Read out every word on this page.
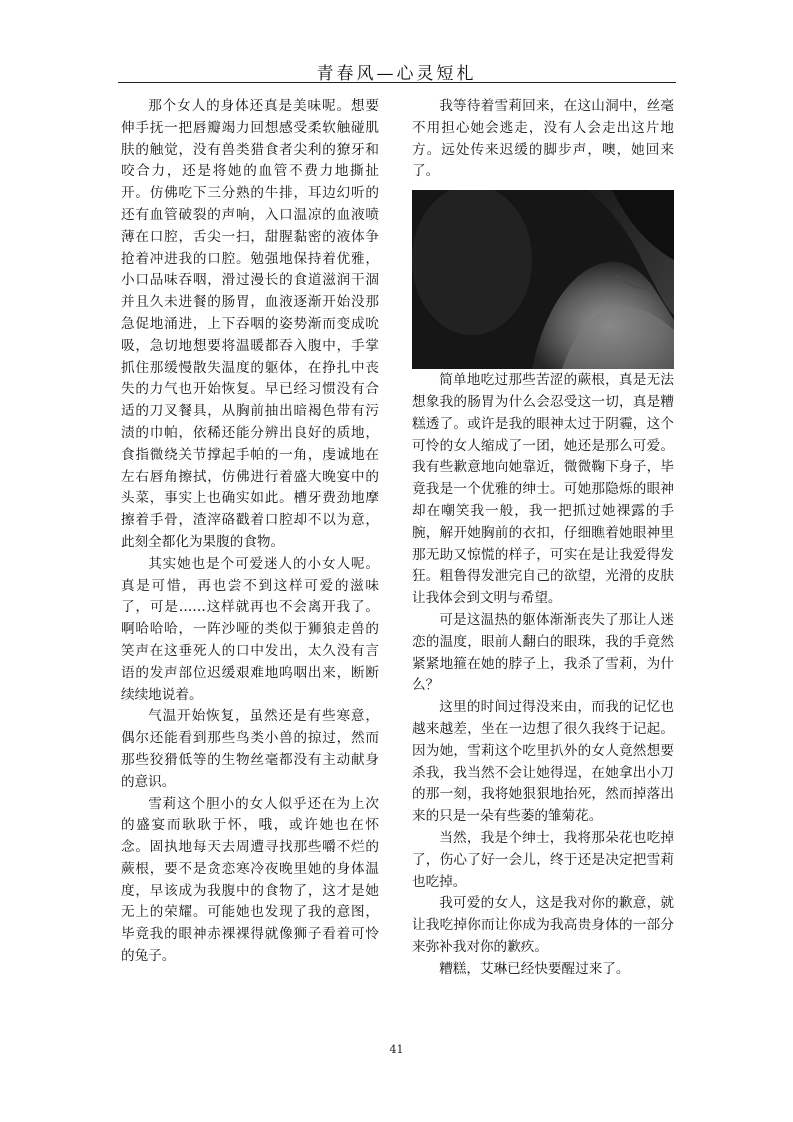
青春风—心灵短札

那个女人的身体还真是美味呢。想要伸手抚一把唇瓣竭力回想感受柔软触碰肌肤的触觉，没有兽类猎食者尖利的獠牙和咬合力，还是将她的血管不费力地撕扯开。仿佛吃下三分熟的牛排，耳边幻听的还有血管破裂的声响，入口温凉的血液喷薄在口腔，舌尖一扫，甜腥黏密的液体争抢着冲进我的口腔。勉强地保持着优雅，小口品味吞咽，滑过漫长的食道滋润干涸并且久未进餐的肠胃，血液逐渐开始没那急促地涌进，上下吞咽的姿势渐而变成吮吸，急切地想要将温暖都吞入腹中，手掌抓住那缓慢散失温度的躯体，在挣扎中丧失的力气也开始恢复。早已经习惯没有合适的刀叉餐具，从胸前抽出暗褐色带有污渍的巾帕，依稀还能分辨出良好的质地，食指微绕关节撑起手帕的一角，虔诚地在左右唇角擦拭，仿佛进行着盛大晚宴中的头菜，事实上也确实如此。槽牙费劲地摩擦着手骨，渣滓硌戳着口腔却不以为意，此刻全都化为果腹的食物。

其实她也是个可爱迷人的小女人呢。真是可惜，再也尝不到这样可爱的滋味了，可是……这样就再也不会离开我了。啊哈哈哈，一阵沙哑的类似于狮狼走兽的笑声在这垂死人的口中发出，太久没有言语的发声部位迟缓艰难地呜咽出来，断断续续地说着。

气温开始恢复，虽然还是有些寒意，偶尔还能看到那些鸟类小兽的掠过，然而那些狡猾低等的生物丝毫都没有主动献身的意识。

雪莉这个胆小的女人似乎还在为上次的盛宴而耿耿于怀，哦，或许她也在怀念。固执地每天去周遭寻找那些嚼不烂的蕨根，要不是贪恋寒冷夜晚里她的身体温度，早该成为我腹中的食物了，这才是她无上的荣耀。可能她也发现了我的意图，毕竟我的眼神赤裸裸得就像狮子看着可怜的兔子。

我等待着雪莉回来，在这山洞中，丝毫不用担心她会逃走，没有人会走出这片地方。远处传来迟缓的脚步声，噢，她回来了。

简单地吃过那些苦涩的蕨根，真是无法想象我的肠胃为什么会忍受这一切，真是糟糕透了。或许是我的眼神太过于阴霾，这个可怜的女人缩成了一团，她还是那么可爱。我有些歉意地向她靠近，微微鞠下身子，毕竟我是一个优雅的绅士。可她那隐烁的眼神却在嘲笑我一般，我一把抓过她裸露的手腕，解开她胸前的衣扣，仔细瞧着她眼神里那无助又惊慌的样子，可实在是让我爱得发狂。粗鲁得发泄完自己的欲望，光滑的皮肤让我体会到文明与希望。

可是这温热的躯体渐渐丧失了那让人迷恋的温度，眼前人翻白的眼珠，我的手竟然紧紧地箍在她的脖子上，我杀了雪莉，为什么？

这里的时间过得没来由，而我的记忆也越来越差，坐在一边想了很久我终于记起。因为她，雪莉这个吃里扒外的女人竟然想要杀我，我当然不会让她得逞，在她拿出小刀的那一刻，我将她狠狠地抬死，然而掉落出来的只是一朵有些萎的雏菊花。

当然，我是个绅士，我将那朵花也吃掉了，伤心了好一会儿，终于还是决定把雪莉也吃掉。

我可爱的女人，这是我对你的歉意，就让我吃掉你而让你成为我高贵身体的一部分来弥补我对你的歉疚。

糟糕，艾琳已经快要醒过来了。

41
